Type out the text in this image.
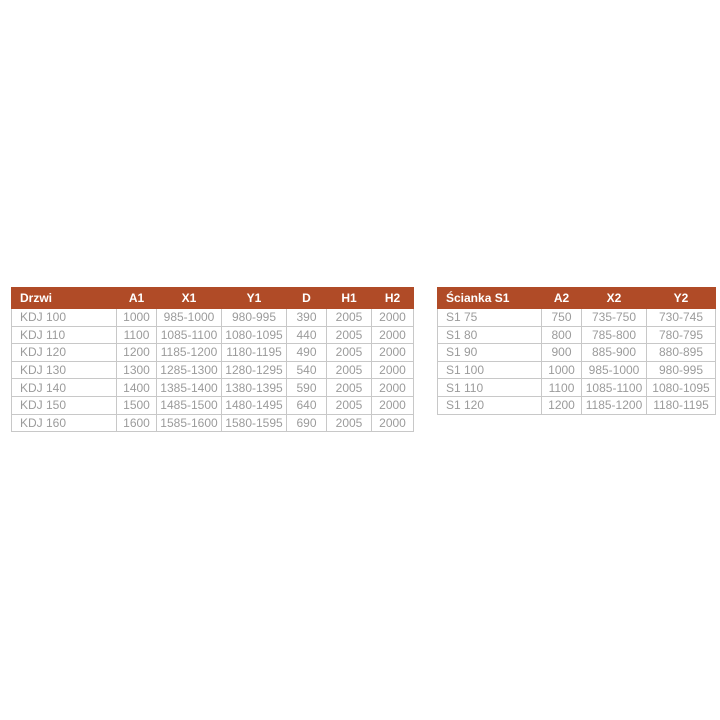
Drzwi	A1	X1	Y1	D	H1	H2
KDJ 100	1000	985-1000	980-995	390	2005	2000
KDJ 110	1100	1085-1100	1080-1095	440	2005	2000
KDJ 120	1200	1185-1200	1180-1195	490	2005	2000
KDJ 130	1300	1285-1300	1280-1295	540	2005	2000
KDJ 140	1400	1385-1400	1380-1395	590	2005	2000
KDJ 150	1500	1485-1500	1480-1495	640	2005	2000
KDJ 160	1600	1585-1600	1580-1595	690	2005	2000
Ścianka S1	A2	X2	Y2
S1 75	750	735-750	730-745
S1 80	800	785-800	780-795
S1 90	900	885-900	880-895
S1 100	1000	985-1000	980-995
S1 110	1100	1085-1100	1080-1095
S1 120	1200	1185-1200	1180-1195
